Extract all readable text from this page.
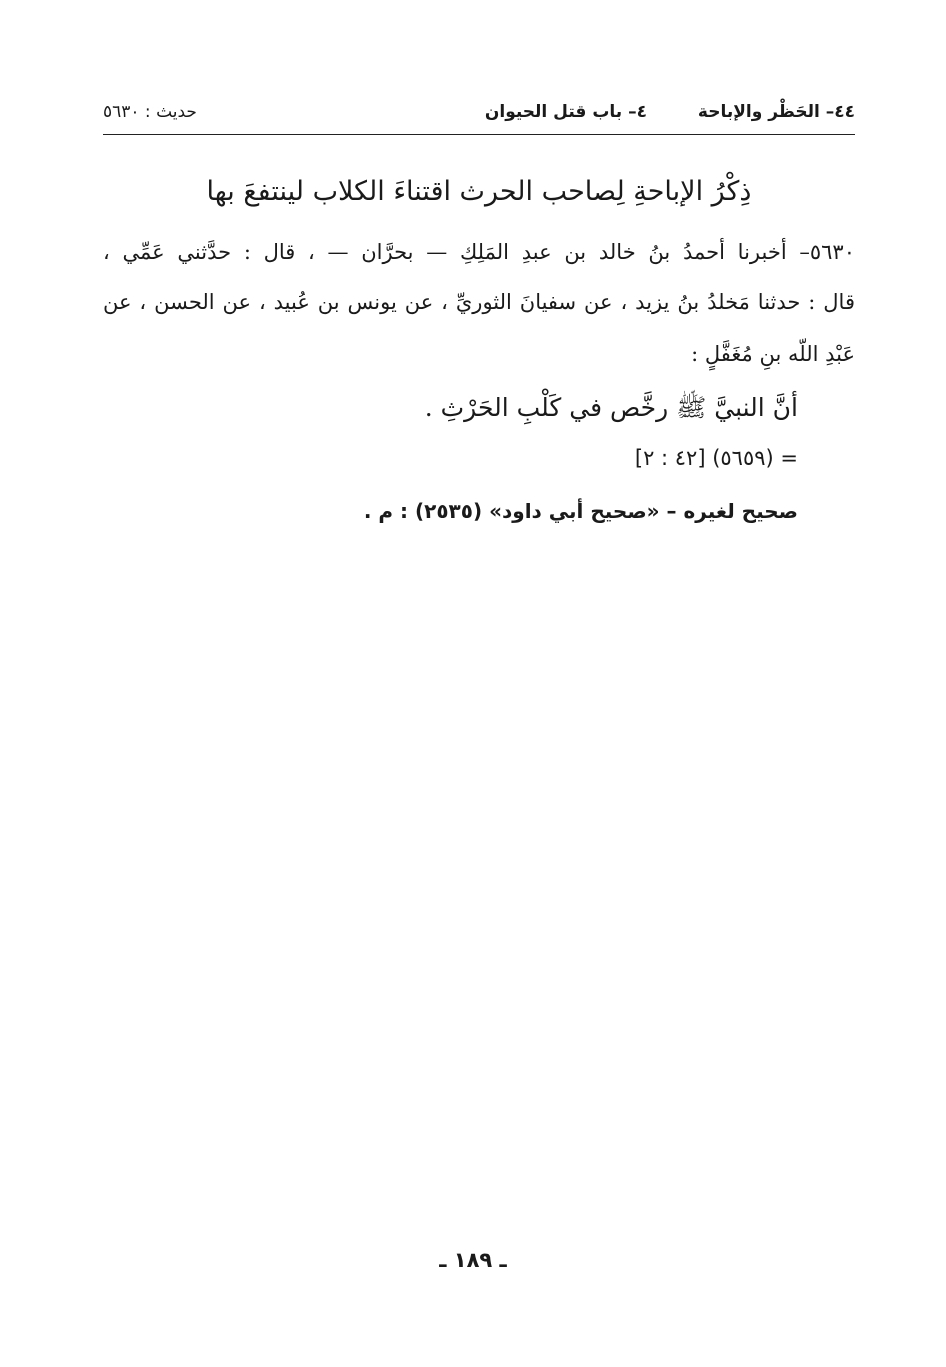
٤٤– الحَظْر والإباحة
٤– باب قتل الحيوان
حديث : ٥٦٣٠
ذِكْرُ الإباحةِ لِصاحب الحرث اقتناءَ الكلاب لينتفعَ بها
٥٦٣٠– أخبرنا أحمدُ بنُ خالد بن عبدِ المَلِكِ — بحرَّان — ، قال : حدَّثني عَمِّي ،
قال : حدثنا مَخلدُ بنُ يزيد ، عن سفيانَ الثوريِّ ، عن يونس بن عُبيد ، عن الحسن ، عن
عَبْدِ اللّه بنِ مُغَفَّلٍ :
أنَّ النبيَّ ﷺ رخَّص في كَلْبِ الحَرْثِ .
= (٥٦٥٩) [٤٢ : ٢]
صحيح لغيره – «صحيح أبي داود» (٢٥٣٥) : م .
ـ ١٨٩ ـ
